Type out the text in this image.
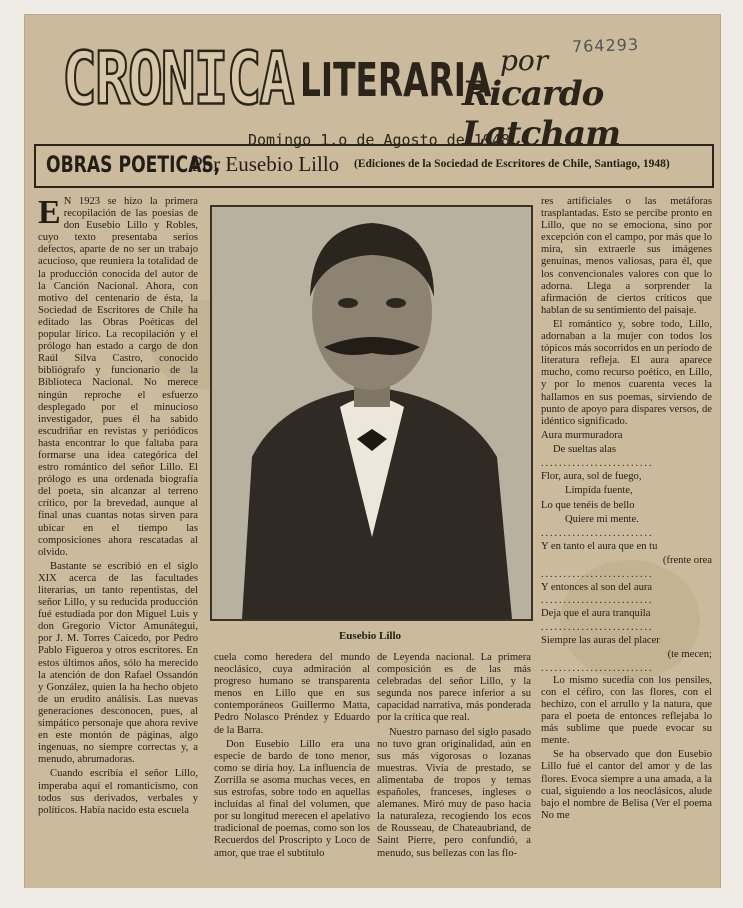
764293
CRONICA LITERARIA por
Ricardo Latcham
Domingo 1.o de Agosto de 1948.-
OBRAS POETICAS,
Por Eusebio Lillo (Ediciones de la Sociedad de Escritores de Chile, Santiago, 1948)

E N 1923 se hizo la primera recopilación de las poesías de don Eusebio Lillo y Robles, cuyo texto presentaba serios defectos, aparte de no ser un trabajo acucioso, que reuniera la totalidad de la producción conocida del autor de la Canción Nacional. Ahora, con motivo del centenario de ésta, la Sociedad de Escritores de Chile ha editado las Obras Poéticas del popular lírico. La recopilación y el prólogo han estado a cargo de don Raúl Silva Castro, conocido bibliógrafo y funcionario de la Biblioteca Nacional. No merece ningún reproche el esfuerzo desplegado por el minucioso investigador, pues él ha sabido escudriñar en revistas y periódicos hasta encontrar lo que faltaba para formarse una idea categórica del estro romántico del señor Lillo. El prólogo es una ordenada biografía del poeta, sin alcanzar al terreno crítico, por la brevedad, aunque al final unas cuantas notas sirven para ubicar en el tiempo las composiciones ahora rescatadas al olvido.

Bastante se escribió en el siglo XIX acerca de las facultades literarias, un tanto repentistas, del señor Lillo, y su reducida producción fué estudiada por don Miguel Luis y don Gregorio Víctor Amunátegui, por J. M. Torres Caicedo, por Pedro Pablo Figueroa y otros escritores. En estos últimos años, sólo ha merecido la atención de don Rafael Ossandón y González, quien la ha hecho objeto de un erudito análisis. Las nuevas generaciones desconocen, pues, al simpático personaje que ahora revive en este montón de páginas, algo ingenuas, no siempre correctas y, a menudo, abrumadoras.

Cuando escribía el señor Lillo, imperaba aquí el romanticismo, con todos sus derivados, verbales y políticos. Había nacido esta escuela

Eusebio Lillo

cuela como heredera del mundo neoclásico, cuya admiración al progreso humano se transparenta menos en Lillo que en sus contemporáneos Guillermo Matta, Pedro Nolasco Préndez y Eduardo de la Barra.

Don Eusebio Lillo era una especie de bardo de tono menor, como se diría hoy. La influencia de Zorrilla se asoma muchas veces, en sus estrofas, sobre todo en aquellas incluídas al final del volumen, que por su longitud merecen el apelativo tradicional de poemas, como son los Recuerdos del Proscripto y Loco de amor, que trae el subtítulo

de Leyenda nacional. La primera composición es de las más celebradas del señor Lillo, y la segunda nos parece inferior a su capacidad narrativa, más ponderada por la crítica que real.

Nuestro parnaso del siglo pasado no tuvo gran originalidad, aún en sus más vigorosas o lozanas muestras. Vivía de prestado, se alimentaba de tropos y temas españoles, franceses, ingleses o alemanes. Miró muy de paso hacia la naturaleza, recogiendo los ecos de Rousseau, de Chateaubriand, de Saint Pierre, pero confundió, a menudo, sus bellezas con las flo-

res artificiales o las metáforas trasplantadas. Esto se percibe pronto en Lillo, que no se emociona, sino por excepción con el campo, por más que lo mira, sin extraerle sus imágenes genuinas, menos valiosas, para él, que los convencionales valores con que lo adorna. Llega a sorprender la afirmación de ciertos críticos que hablan de su sentimiento del paisaje.

El romántico y, sobre todo, Lillo, adornaban a la mujer con todos los tópicos más socorridos en un período de literatura refleja. El aura aparece mucho, como recurso poético, en Lillo, y por lo menos cuarenta veces la hallamos en sus poemas, sirviendo de punto de apoyo para dispares versos, de idéntico significado.

Aura murmuradora
De sueltas alas
.........................
Flor, aura, sol de fuego,
Límpida fuente,
Lo que tenéis de bello
Quiere mi mente.
.........................
Y en tanto el aura que en tu
(frente orea
.........................
Y entonces al son del aura
.........................
Deja que el aura tranquila
.........................
Siempre las auras del placer
(te mecen;
.........................

Lo mismo sucedía con los pensiles, con el céfiro, con las flores, con el hechizo, con el arrullo y la natura, que para el poeta de entonces reflejaba lo más sublime que puede evocar su mente.

Se ha observado que don Eusebio Lillo fué el cantor del amor y de las flores. Evoca siempre a una amada, a la cual, siguiendo a los neoclásicos, alude bajo el nombre de Belisa (Ver el poema No me
